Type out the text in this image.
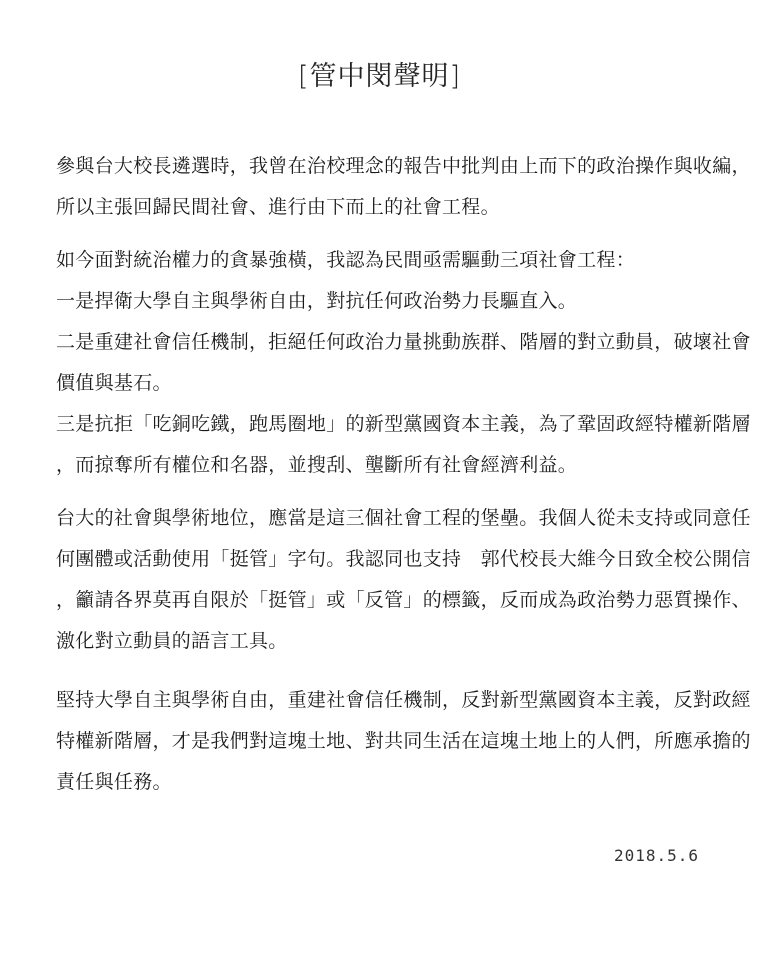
[管中閔聲明]
參與台大校長遴選時，我曾在治校理念的報告中批判由上而下的政治操作與收編，
所以主張回歸民間社會、進行由下而上的社會工程。
如今面對統治權力的貪暴強橫，我認為民間亟需驅動三項社會工程：
一是捍衛大學自主與學術自由，對抗任何政治勢力長驅直入。
二是重建社會信任機制，拒絕任何政治力量挑動族群、階層的對立動員，破壞社會
價值與基石。
三是抗拒「吃銅吃鐵，跑馬圈地」的新型黨國資本主義，為了鞏固政經特權新階層
，而掠奪所有權位和名器，並搜刮、壟斷所有社會經濟利益。
台大的社會與學術地位，應當是這三個社會工程的堡壘。我個人從未支持或同意任
何團體或活動使用「挺管」字句。我認同也支持　郭代校長大維今日致全校公開信
，籲請各界莫再自限於「挺管」或「反管」的標籤，反而成為政治勢力惡質操作、
激化對立動員的語言工具。
堅持大學自主與學術自由，重建社會信任機制，反對新型黨國資本主義，反對政經
特權新階層，才是我們對這塊土地、對共同生活在這塊土地上的人們，所應承擔的
責任與任務。
2018.5.6
